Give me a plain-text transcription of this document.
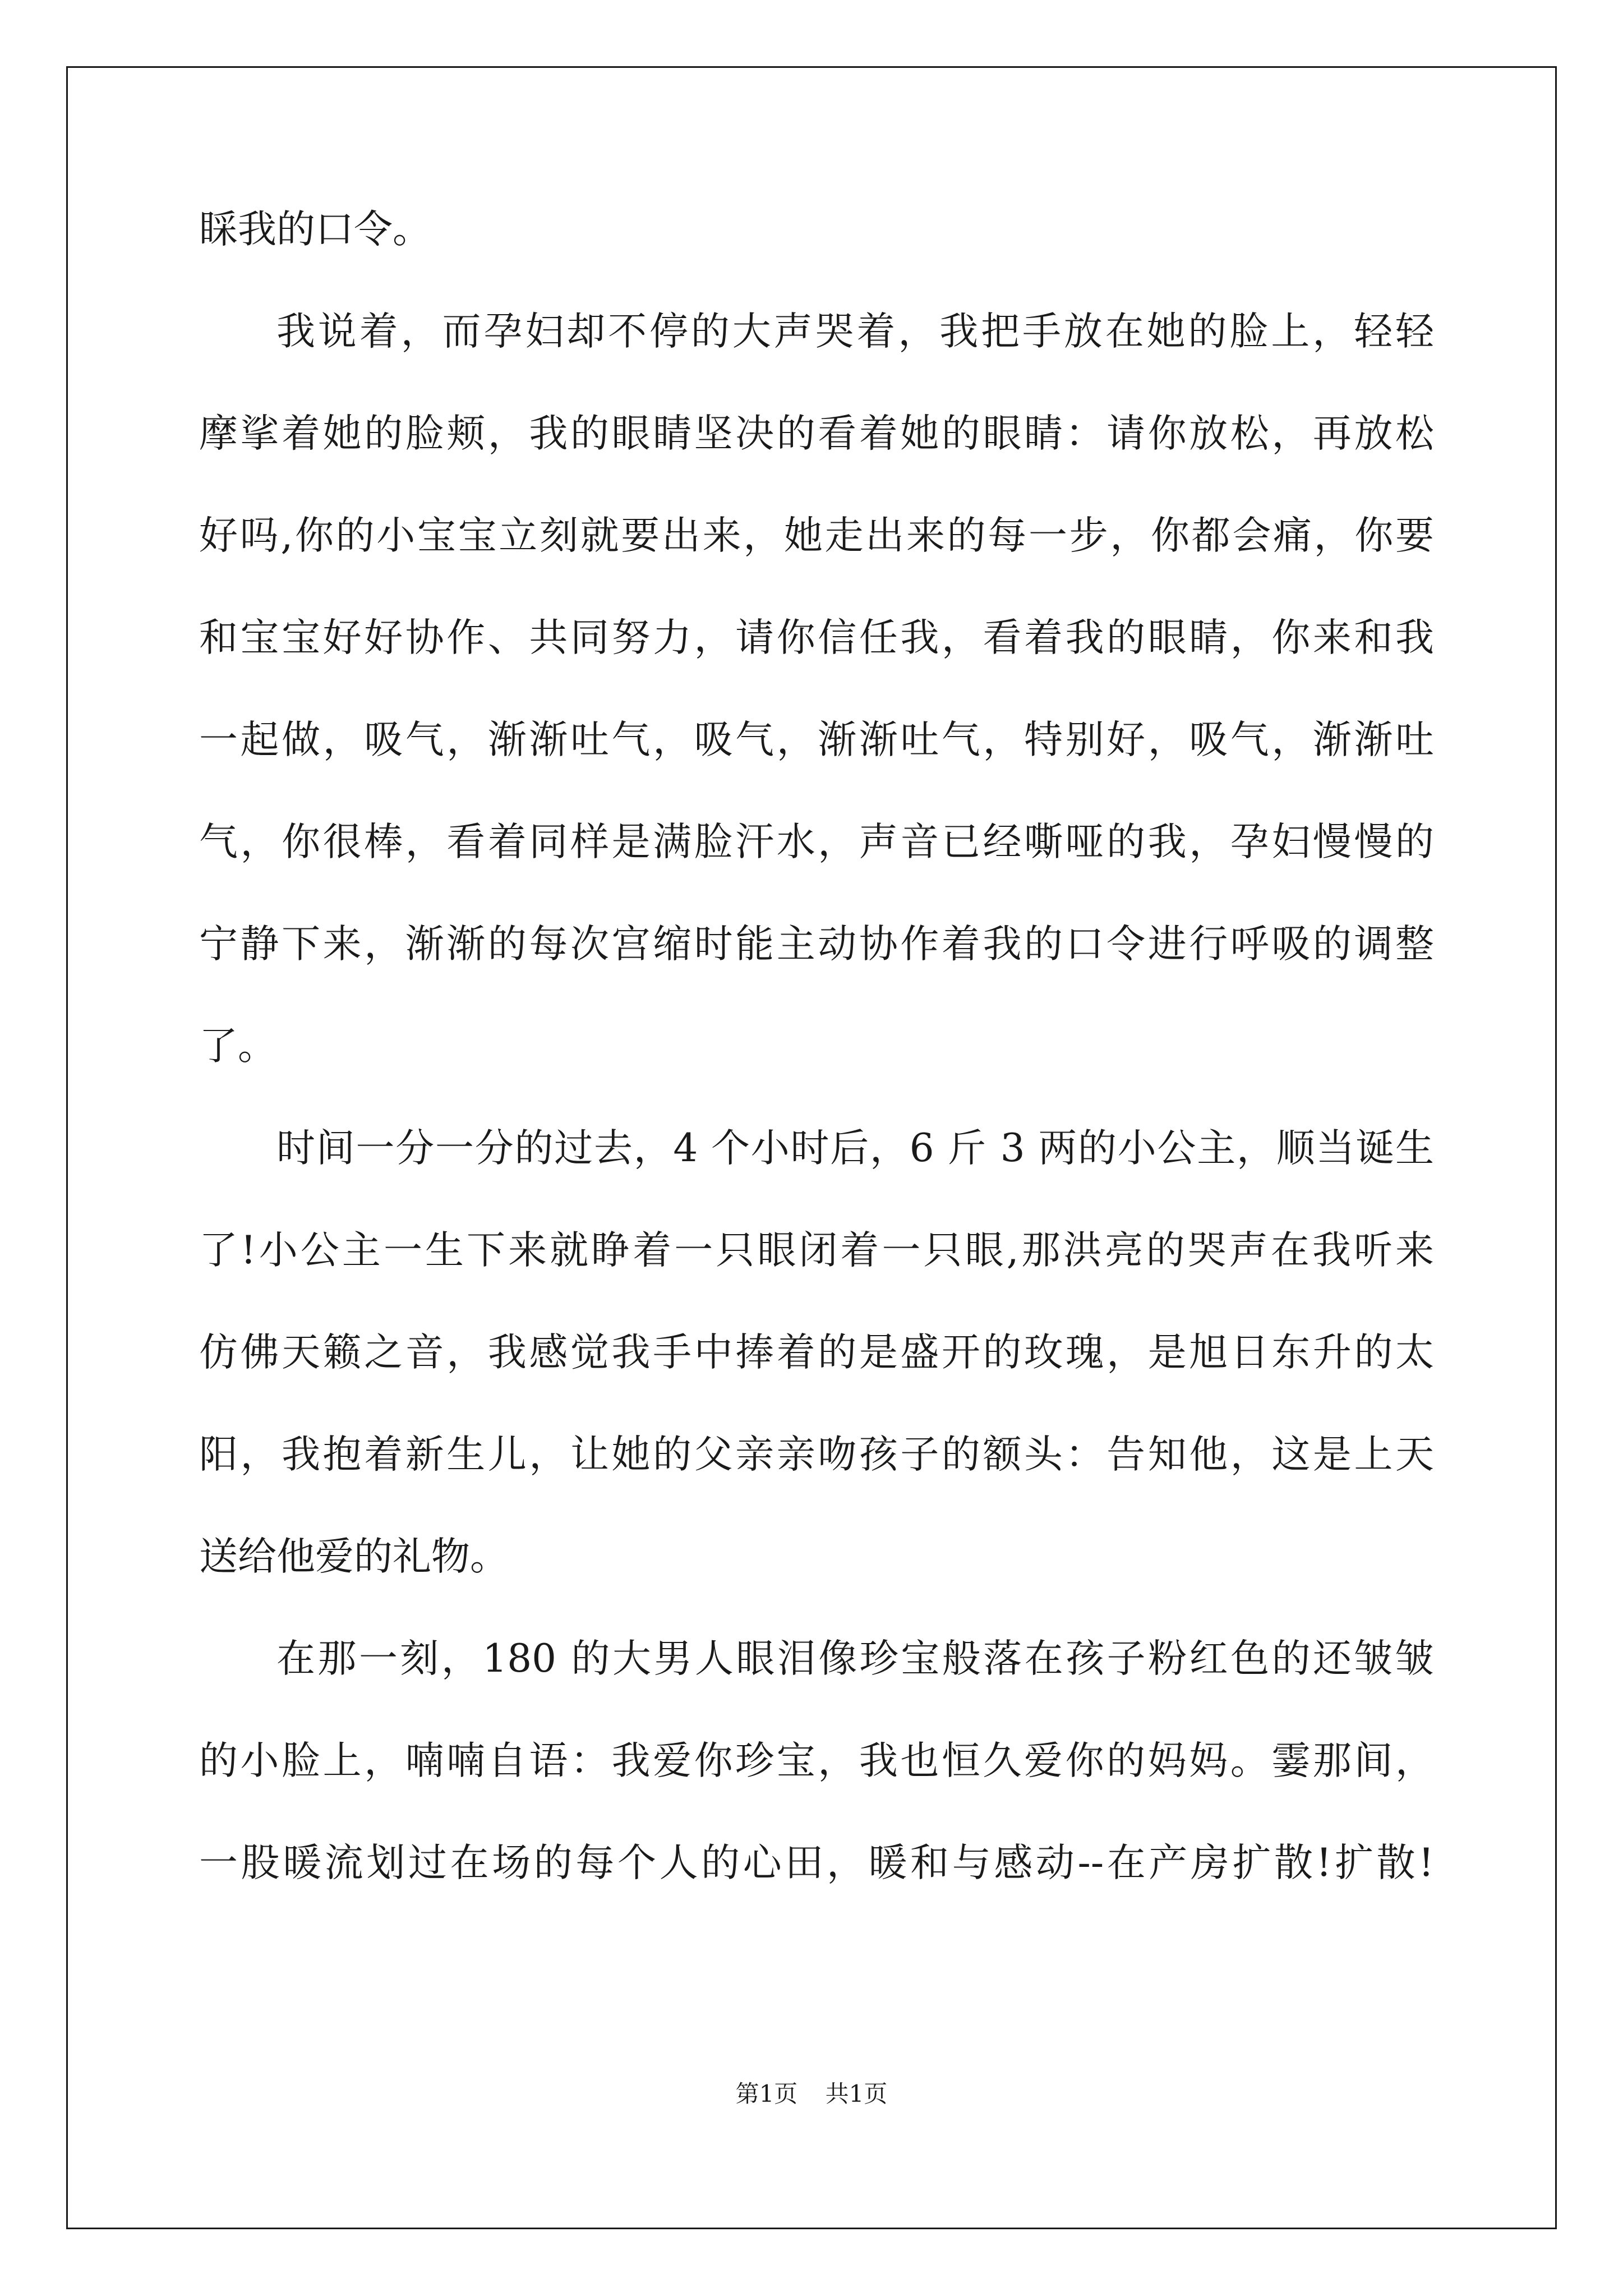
睬我的口令。
我说着，而孕妇却不停的大声哭着，我把手放在她的脸上，轻轻
摩挲着她的脸颊，我的眼睛坚决的看着她的眼睛：请你放松，再放松
好吗,你的小宝宝立刻就要出来，她走出来的每一步，你都会痛，你要
和宝宝好好协作、共同努力，请你信任我，看着我的眼睛，你来和我
一起做，吸气，渐渐吐气，吸气，渐渐吐气，特别好，吸气，渐渐吐
气，你很棒，看着同样是满脸汗水，声音已经嘶哑的我，孕妇慢慢的
宁静下来，渐渐的每次宫缩时能主动协作着我的口令进行呼吸的调整
了。
时间一分一分的过去，4 个小时后，6 斤 3 两的小公主，顺当诞生
了!小公主一生下来就睁着一只眼闭着一只眼,那洪亮的哭声在我听来
仿佛天籁之音，我感觉我手中捧着的是盛开的玫瑰，是旭日东升的太
阳，我抱着新生儿，让她的父亲亲吻孩子的额头：告知他，这是上天
送给他爱的礼物。
在那一刻，180 的大男人眼泪像珍宝般落在孩子粉红色的还皱皱
的小脸上，喃喃自语：我爱你珍宝，我也恒久爱你的妈妈。霎那间，
一股暖流划过在场的每个人的心田，暖和与感动--在产房扩散!扩散!
第1页 共1页
